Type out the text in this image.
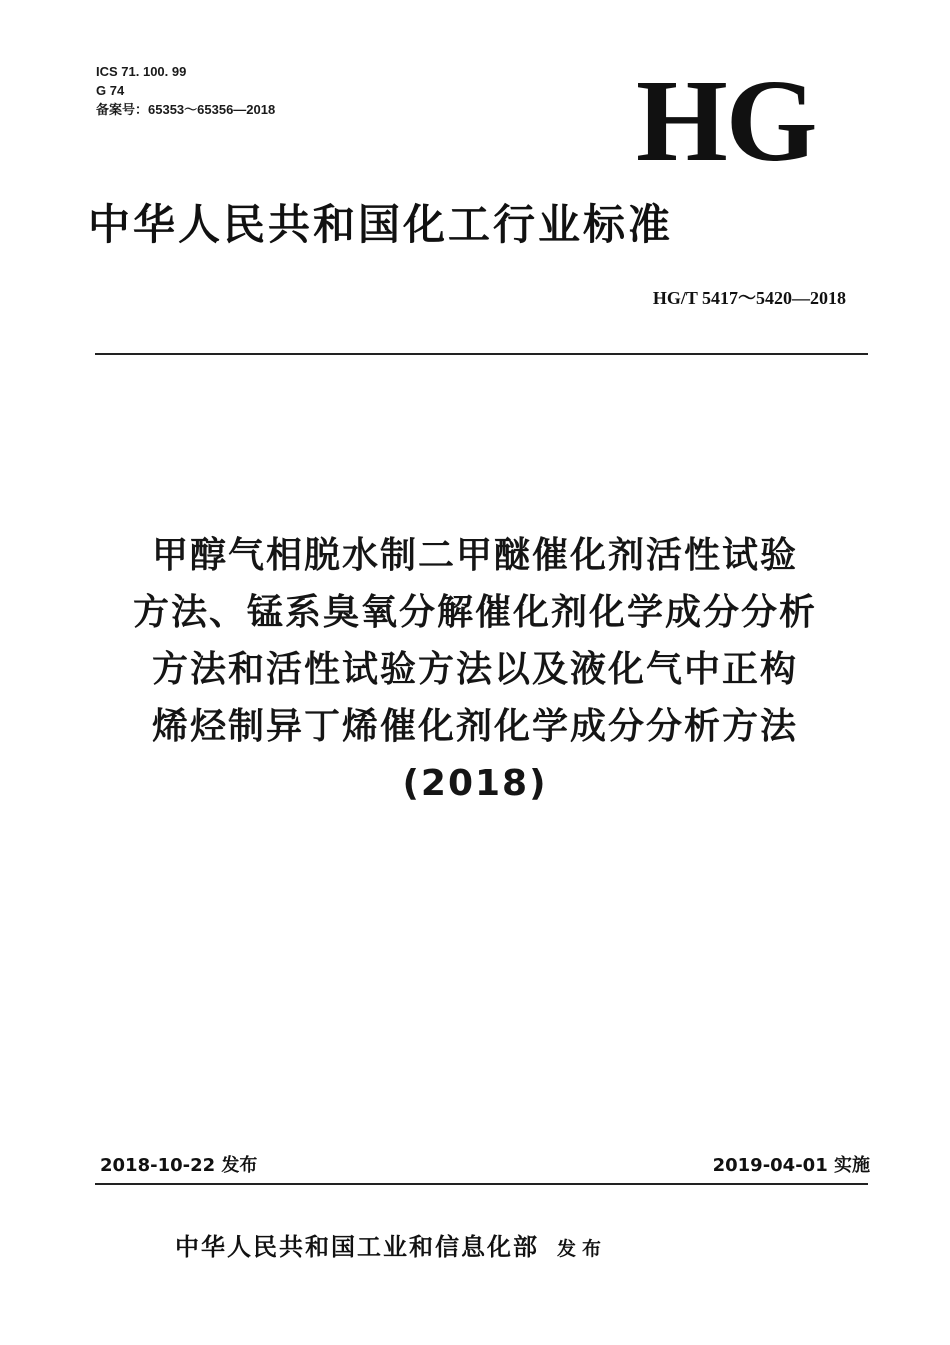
ICS 71. 100. 99
G 74
备案号：65353～65356—2018	HG
中华人民共和国化工行业标准
HG/T 5417～5420—2018
甲醇气相脱水制二甲醚催化剂活性试验
方法、锰系臭氧分解催化剂化学成分分析
方法和活性试验方法以及液化气中正构
烯烃制异丁烯催化剂化学成分分析方法
(2018)
2018-10-22 发布	2019-04-01 实施
中华人民共和国工业和信息化部 发布
